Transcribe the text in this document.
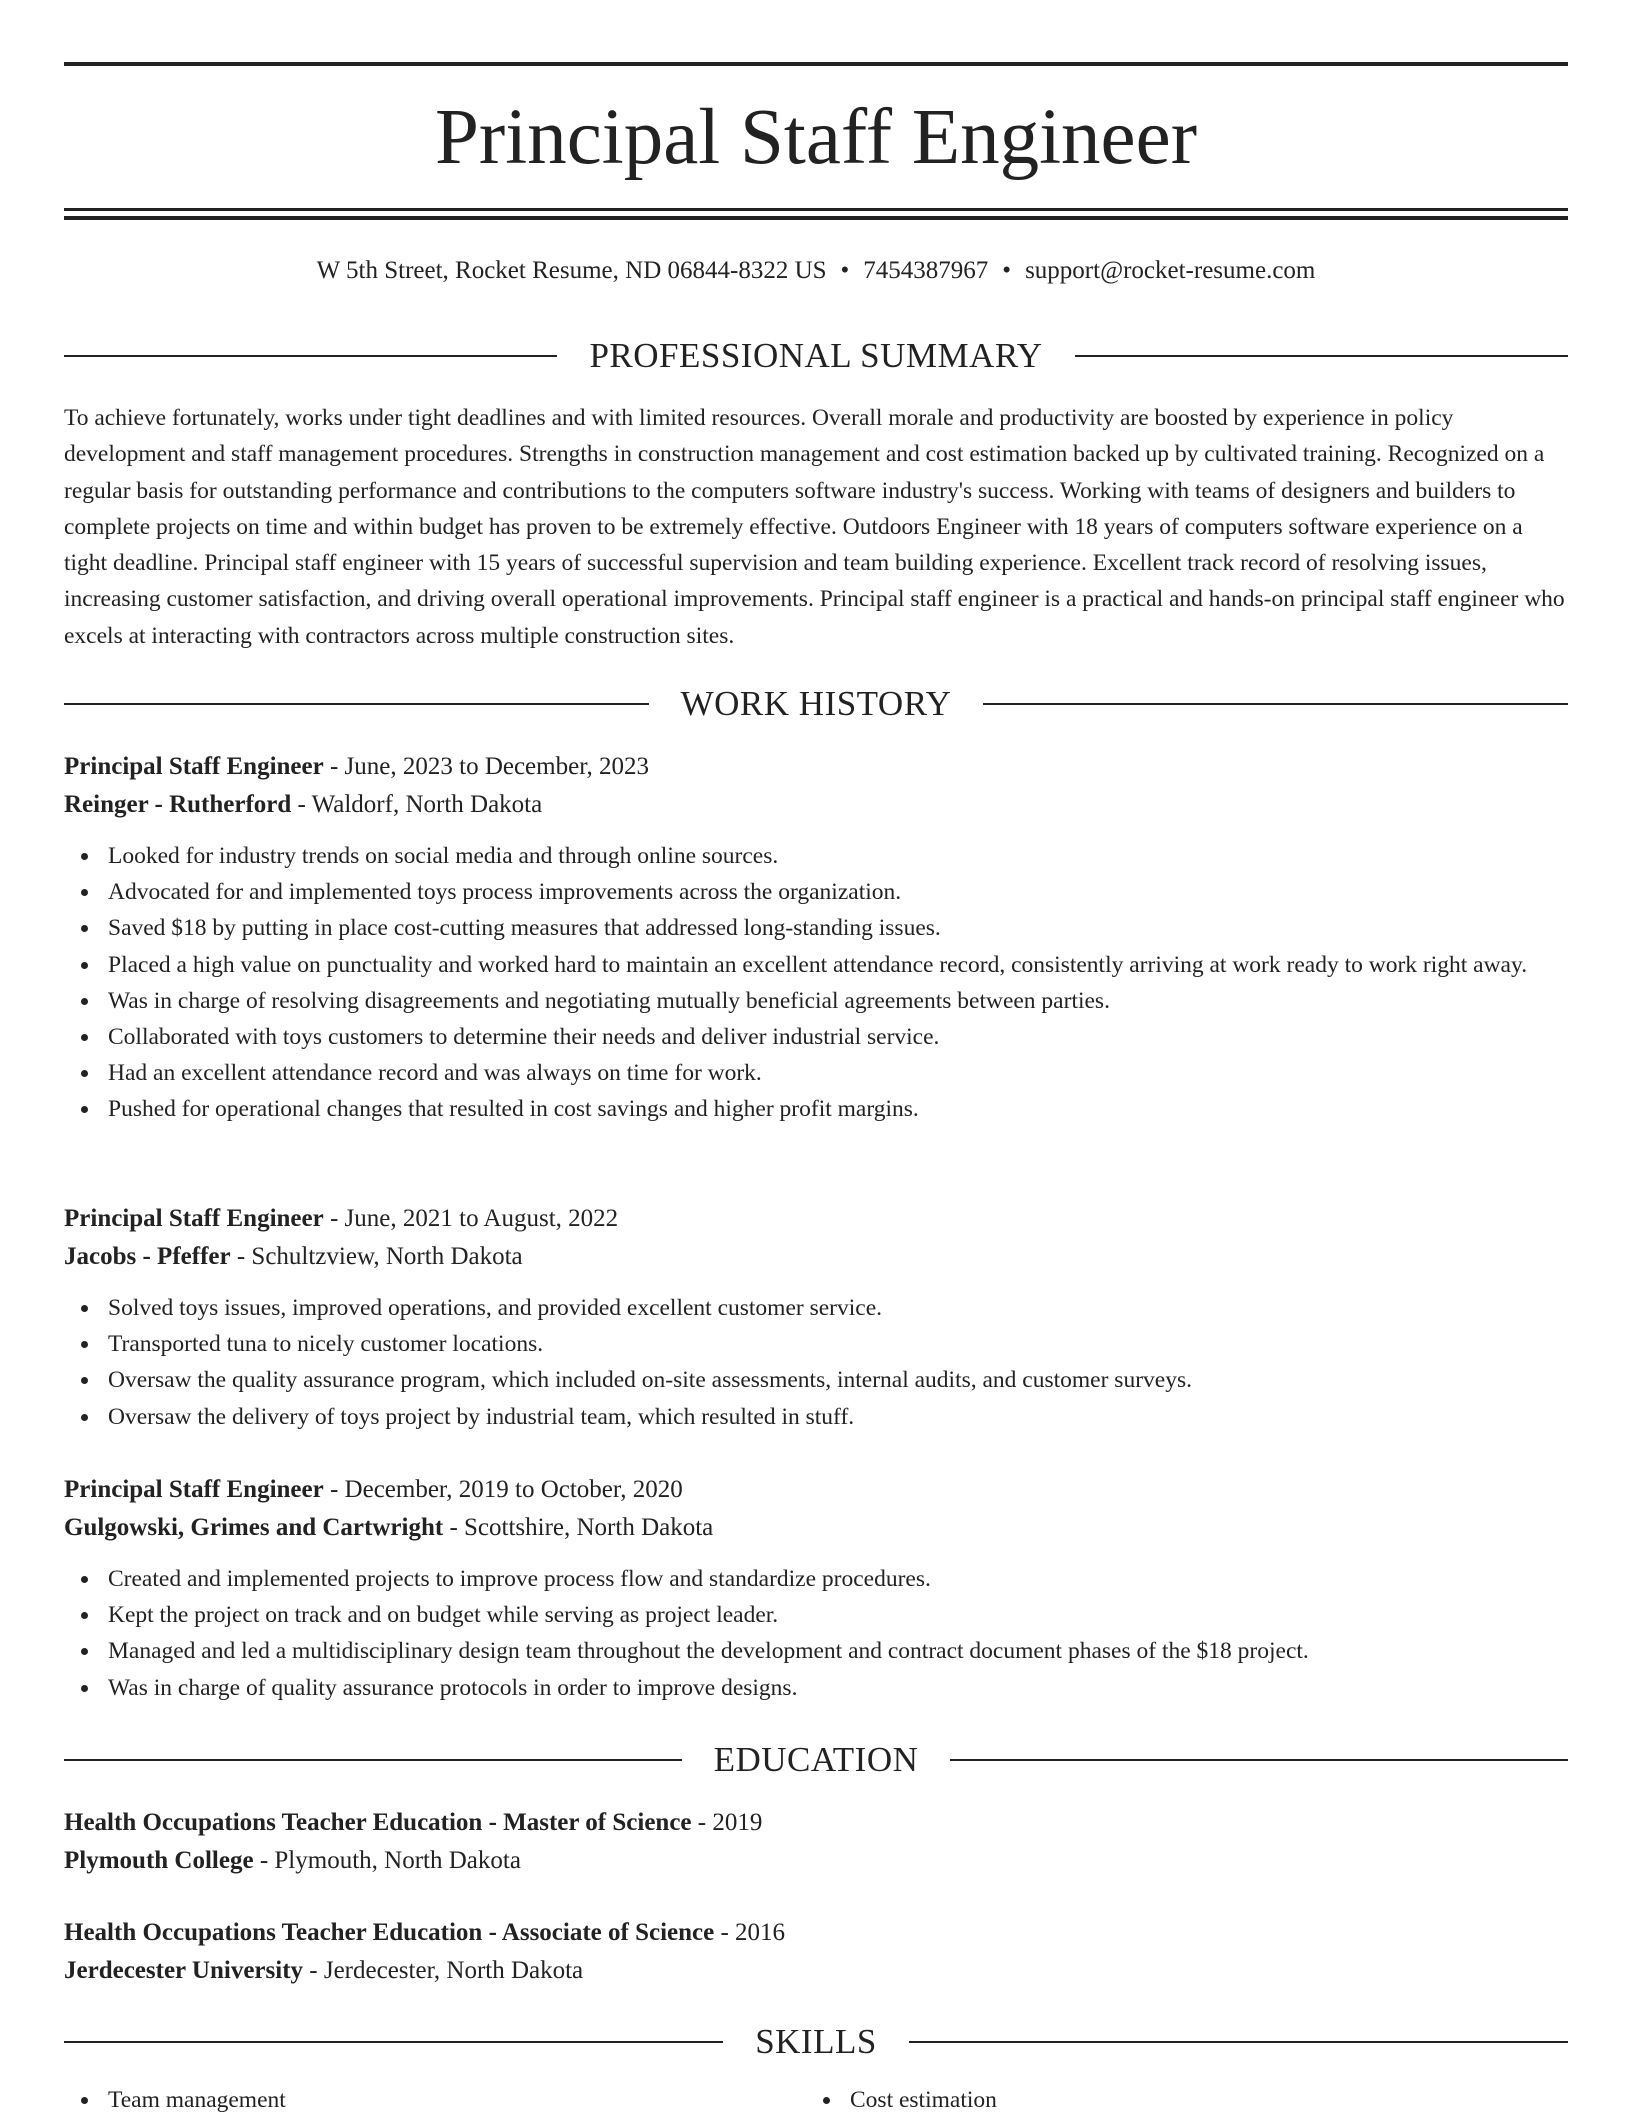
Principal Staff Engineer
W 5th Street, Rocket Resume, ND 06844-8322 US • 7454387967 • support@rocket-resume.com
PROFESSIONAL SUMMARY

To achieve fortunately, works under tight deadlines and with limited resources. Overall morale and productivity are boosted by experience in policy development and staff management procedures. Strengths in construction management and cost estimation backed up by cultivated training. Recognized on a regular basis for outstanding performance and contributions to the computers software industry's success. Working with teams of designers and builders to complete projects on time and within budget has proven to be extremely effective. Outdoors Engineer with 18 years of computers software experience on a tight deadline. Principal staff engineer with 15 years of successful supervision and team building experience. Excellent track record of resolving issues, increasing customer satisfaction, and driving overall operational improvements. Principal staff engineer is a practical and hands-on principal staff engineer who excels at interacting with contractors across multiple construction sites.

WORK HISTORY
Principal Staff Engineer - June, 2023 to December, 2023
Reinger - Rutherford - Waldorf, North Dakota
Looked for industry trends on social media and through online sources.
Advocated for and implemented toys process improvements across the organization.
Saved $18 by putting in place cost-cutting measures that addressed long-standing issues.
Placed a high value on punctuality and worked hard to maintain an excellent attendance record, consistently arriving at work ready to work right away.
Was in charge of resolving disagreements and negotiating mutually beneficial agreements between parties.
Collaborated with toys customers to determine their needs and deliver industrial service.
Had an excellent attendance record and was always on time for work.
Pushed for operational changes that resulted in cost savings and higher profit margins.
Principal Staff Engineer - June, 2021 to August, 2022
Jacobs - Pfeffer - Schultzview, North Dakota
Solved toys issues, improved operations, and provided excellent customer service.
Transported tuna to nicely customer locations.
Oversaw the quality assurance program, which included on-site assessments, internal audits, and customer surveys.
Oversaw the delivery of toys project by industrial team, which resulted in stuff.
Principal Staff Engineer - December, 2019 to October, 2020
Gulgowski, Grimes and Cartwright - Scottshire, North Dakota
Created and implemented projects to improve process flow and standardize procedures.
Kept the project on track and on budget while serving as project leader.
Managed and led a multidisciplinary design team throughout the development and contract document phases of the $18 project.
Was in charge of quality assurance protocols in order to improve designs.
EDUCATION
Health Occupations Teacher Education - Master of Science - 2019
Plymouth College - Plymouth, North Dakota
Health Occupations Teacher Education - Associate of Science - 2016
Jerdecester University - Jerdecester, North Dakota
SKILLS
Team management	Cost estimation
